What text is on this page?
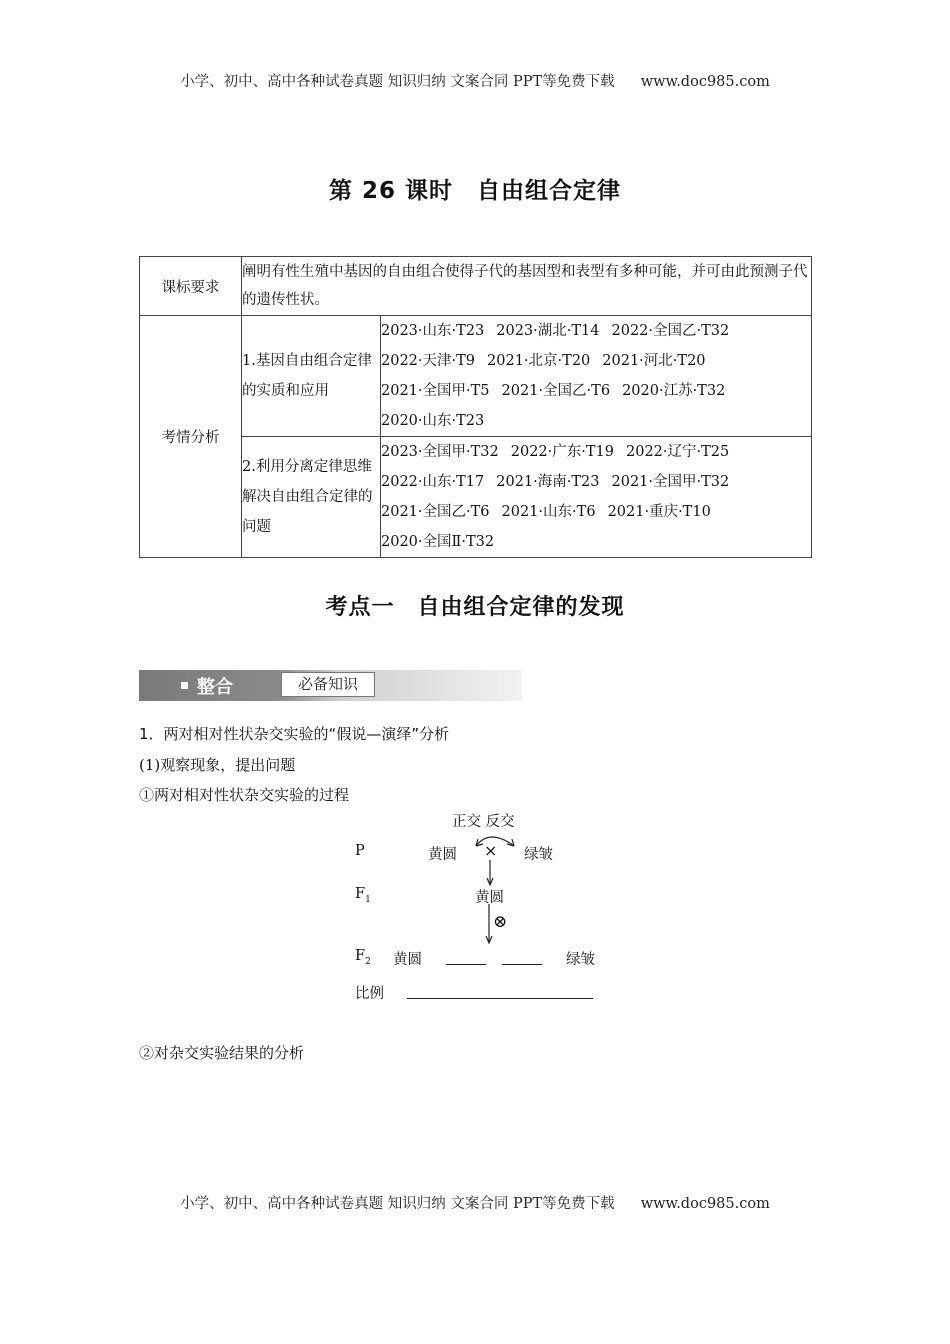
小学、初中、高中各种试卷真题 知识归纳 文案合同 PPT等免费下载 www.doc985.com
第 26 课时　自由组合定律
课标要求	阐明有性生殖中基因的自由组合使得子代的基因型和表型有多种可能，并可由此预测子代的遗传性状。	
考情分析	1.基因自由组合定律的实质和应用	2023·山东·T23 2023·湖北·T14 2022·全国乙·T32
2022·天津·T9 2021·北京·T20 2021·河北·T20
2021·全国甲·T5 2021·全国乙·T6 2020·江苏·T32
2020·山东·T23

	2.利用分离定律思维解决自由组合定律的问题	2023·全国甲·T32 2022·广东·T19 2022·辽宁·T25
2022·山东·T17 2021·海南·T23 2021·全国甲·T32
2021·全国乙·T6 2021·山东·T6 2021·重庆·T10
2020·全国Ⅱ·T32
考点一　自由组合定律的发现
整合	必备知识
1．两对相对性状杂交实验的“假说—演绎”分析
(1)观察现象，提出问题
①两对相对性状杂交实验的过程
正交 反交
P	黄圆 × 绿皱
$F_1$	黄圆
⊗
$F_2$ 黄圆	绿皱
比例
②对杂交实验结果的分析
小学、初中、高中各种试卷真题 知识归纳 文案合同 PPT等免费下载 www.doc985.com
